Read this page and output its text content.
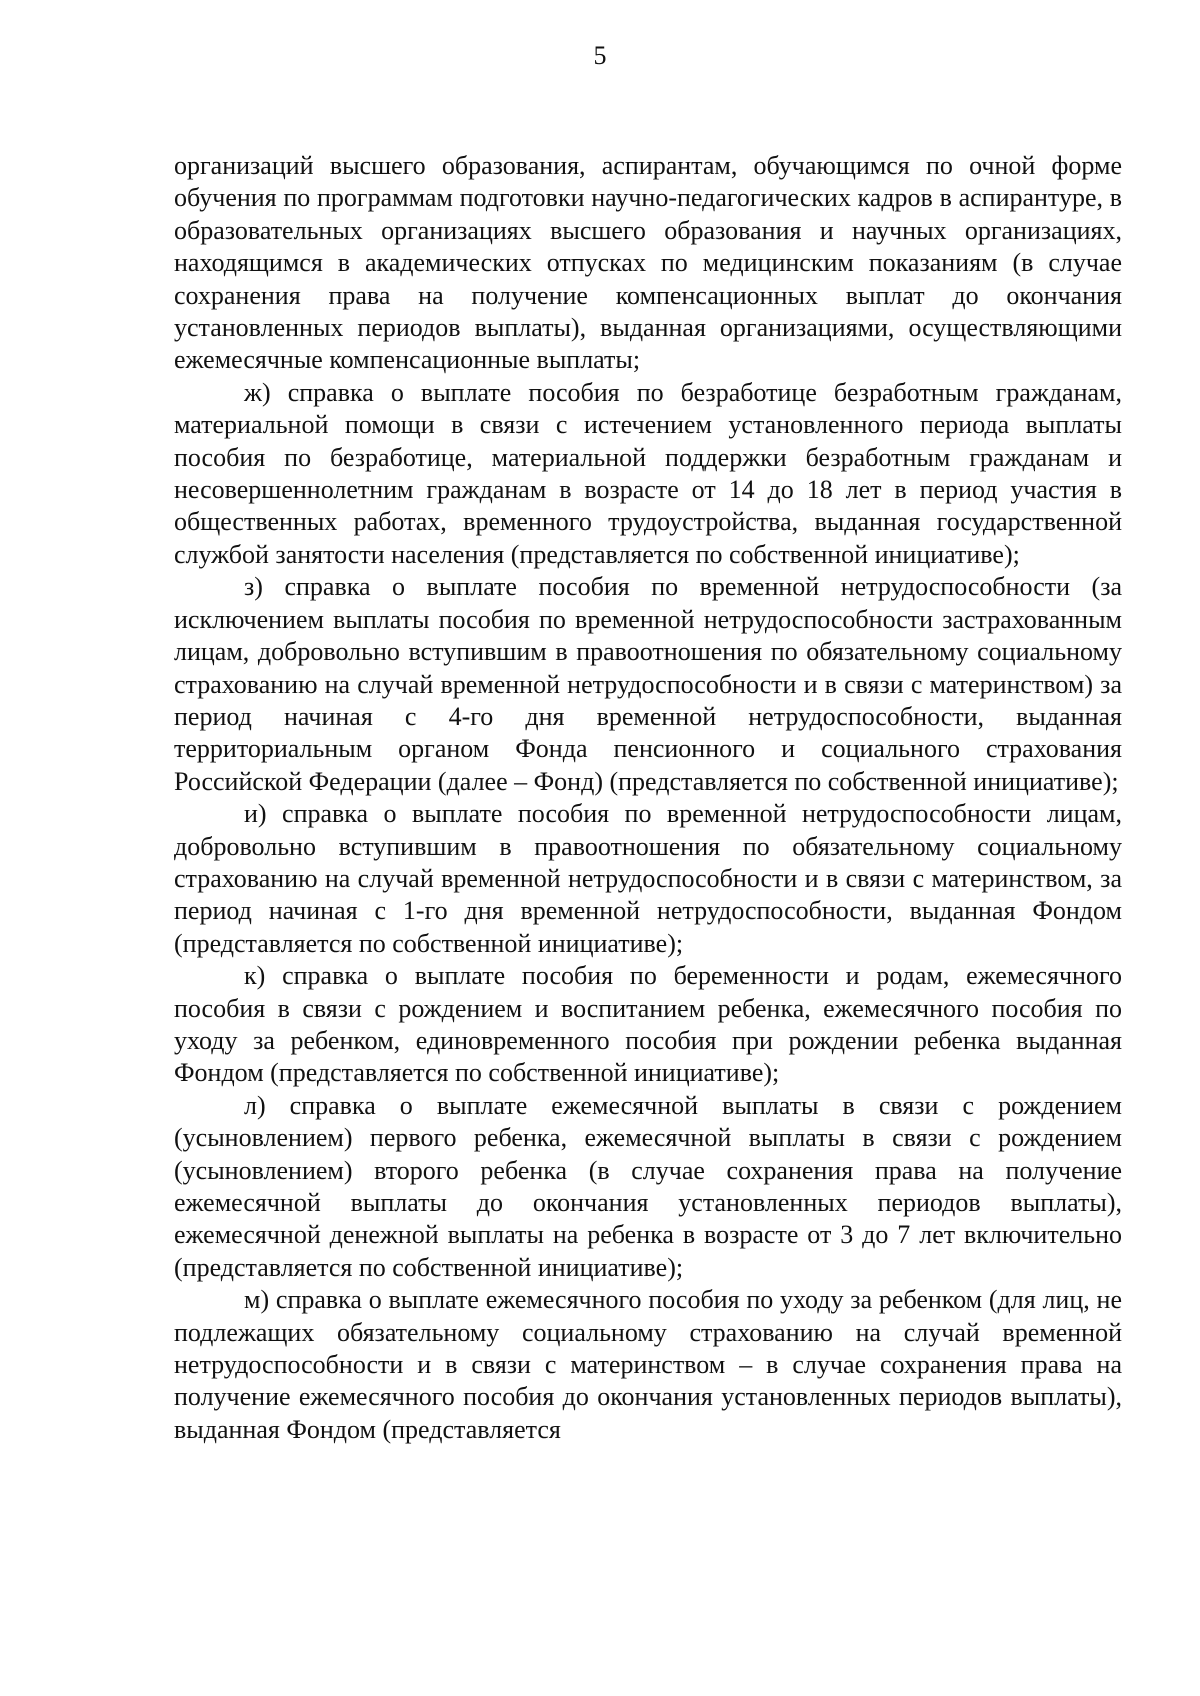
5

организаций высшего образования, аспирантам, обучающимся по очной форме обучения по программам подготовки научно-педагогических кадров в аспирантуре, в образовательных организациях высшего образования и научных организациях, находящимся в академических отпусках по медицинским показаниям (в случае сохранения права на получение компенсационных выплат до окончания установленных периодов выплаты), выданная организациями, осуществляющими ежемесячные компенсационные выплаты;

ж) справка о выплате пособия по безработице безработным гражданам, материальной помощи в связи с истечением установленного периода выплаты пособия по безработице, материальной поддержки безработным гражданам и несовершеннолетним гражданам в возрасте от 14 до 18 лет в период участия в общественных работах, временного трудоустройства, выданная государственной службой занятости населения (представляется по собственной инициативе);

з) справка о выплате пособия по временной нетрудоспособности (за исключением выплаты пособия по временной нетрудоспособности застрахованным лицам, добровольно вступившим в правоотношения по обязательному социальному страхованию на случай временной нетрудоспособности и в связи с материнством) за период начиная с 4-го дня временной нетрудоспособности, выданная территориальным органом Фонда пенсионного и социального страхования Российской Федерации (далее – Фонд) (представляется по собственной инициативе);

и) справка о выплате пособия по временной нетрудоспособности лицам, добровольно вступившим в правоотношения по обязательному социальному страхованию на случай временной нетрудоспособности и в связи с материнством, за период начиная с 1-го дня временной нетрудоспособности, выданная Фондом (представляется по собственной инициативе);

к) справка о выплате пособия по беременности и родам, ежемесячного пособия в связи с рождением и воспитанием ребенка, ежемесячного пособия по уходу за ребенком, единовременного пособия при рождении ребенка выданная Фондом (представляется по собственной инициативе);

л) справка о выплате ежемесячной выплаты в связи с рождением (усыновлением) первого ребенка, ежемесячной выплаты в связи с рождением (усыновлением) второго ребенка (в случае сохранения права на получение ежемесячной выплаты до окончания установленных периодов выплаты), ежемесячной денежной выплаты на ребенка в возрасте от 3 до 7 лет включительно (представляется по собственной инициативе);

м) справка о выплате ежемесячного пособия по уходу за ребенком (для лиц, не подлежащих обязательному социальному страхованию на случай временной нетрудоспособности и в связи с материнством – в случае сохранения права на получение ежемесячного пособия до окончания установленных периодов выплаты), выданная Фондом (представляется
